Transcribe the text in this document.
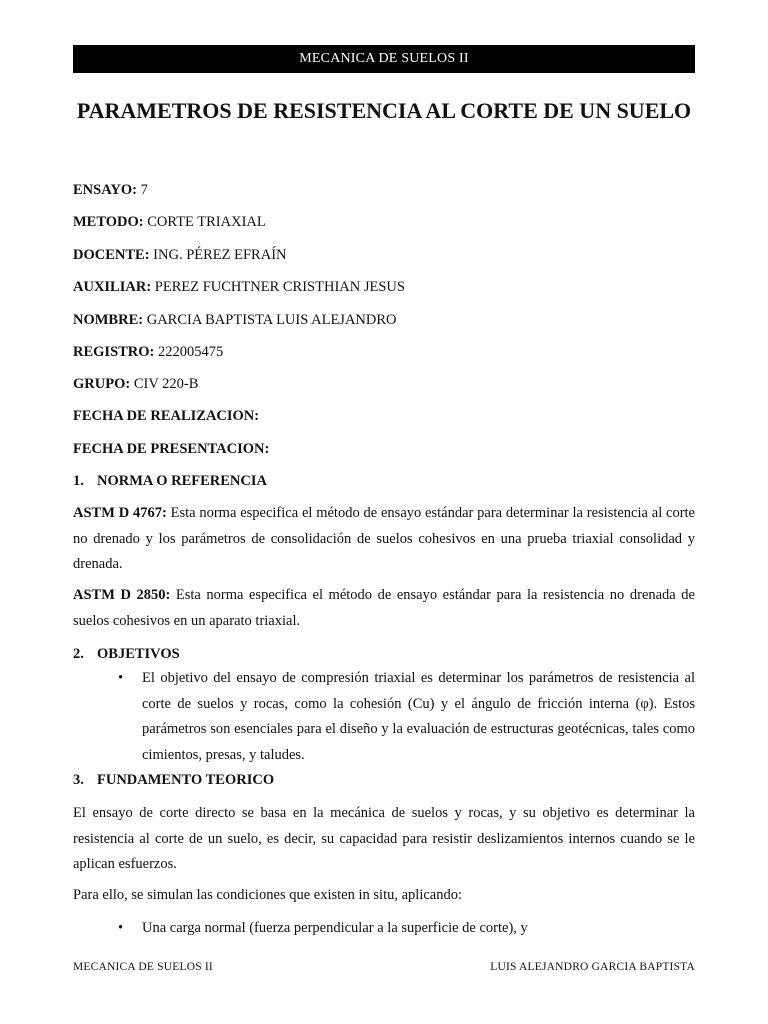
MECANICA DE SUELOS II
PARAMETROS DE RESISTENCIA AL CORTE DE UN SUELO
ENSAYO: 7
METODO: CORTE TRIAXIAL
DOCENTE: ING. PÉREZ EFRAÍN
AUXILIAR: PEREZ FUCHTNER CRISTHIAN JESUS
NOMBRE: GARCIA BAPTISTA LUIS ALEJANDRO
REGISTRO: 222005475
GRUPO: CIV 220-B
FECHA DE REALIZACION:
FECHA DE PRESENTACION:
1. NORMA O REFERENCIA

ASTM D 4767: Esta norma especifica el método de ensayo estándar para determinar la resistencia al corte no drenado y los parámetros de consolidación de suelos cohesivos en una prueba triaxial consolidad y drenada.

ASTM D 2850: Esta norma especifica el método de ensayo estándar para la resistencia no drenada de suelos cohesivos en un aparato triaxial.

2. OBJETIVOS
• El objetivo del ensayo de compresión triaxial es determinar los parámetros de resistencia al corte de suelos y rocas, como la cohesión (Cu) y el ángulo de fricción interna (φ). Estos parámetros son esenciales para el diseño y la evaluación de estructuras geotécnicas, tales como cimientos, presas, y taludes.

3. FUNDAMENTO TEORICO

El ensayo de corte directo se basa en la mecánica de suelos y rocas, y su objetivo es determinar la resistencia al corte de un suelo, es decir, su capacidad para resistir deslizamientos internos cuando se le aplican esfuerzos.

Para ello, se simulan las condiciones que existen in situ, aplicando:

• Una carga normal (fuerza perpendicular a la superficie de corte), y

MECANICA DE SUELOS II	LUIS ALEJANDRO GARCIA BAPTISTA
